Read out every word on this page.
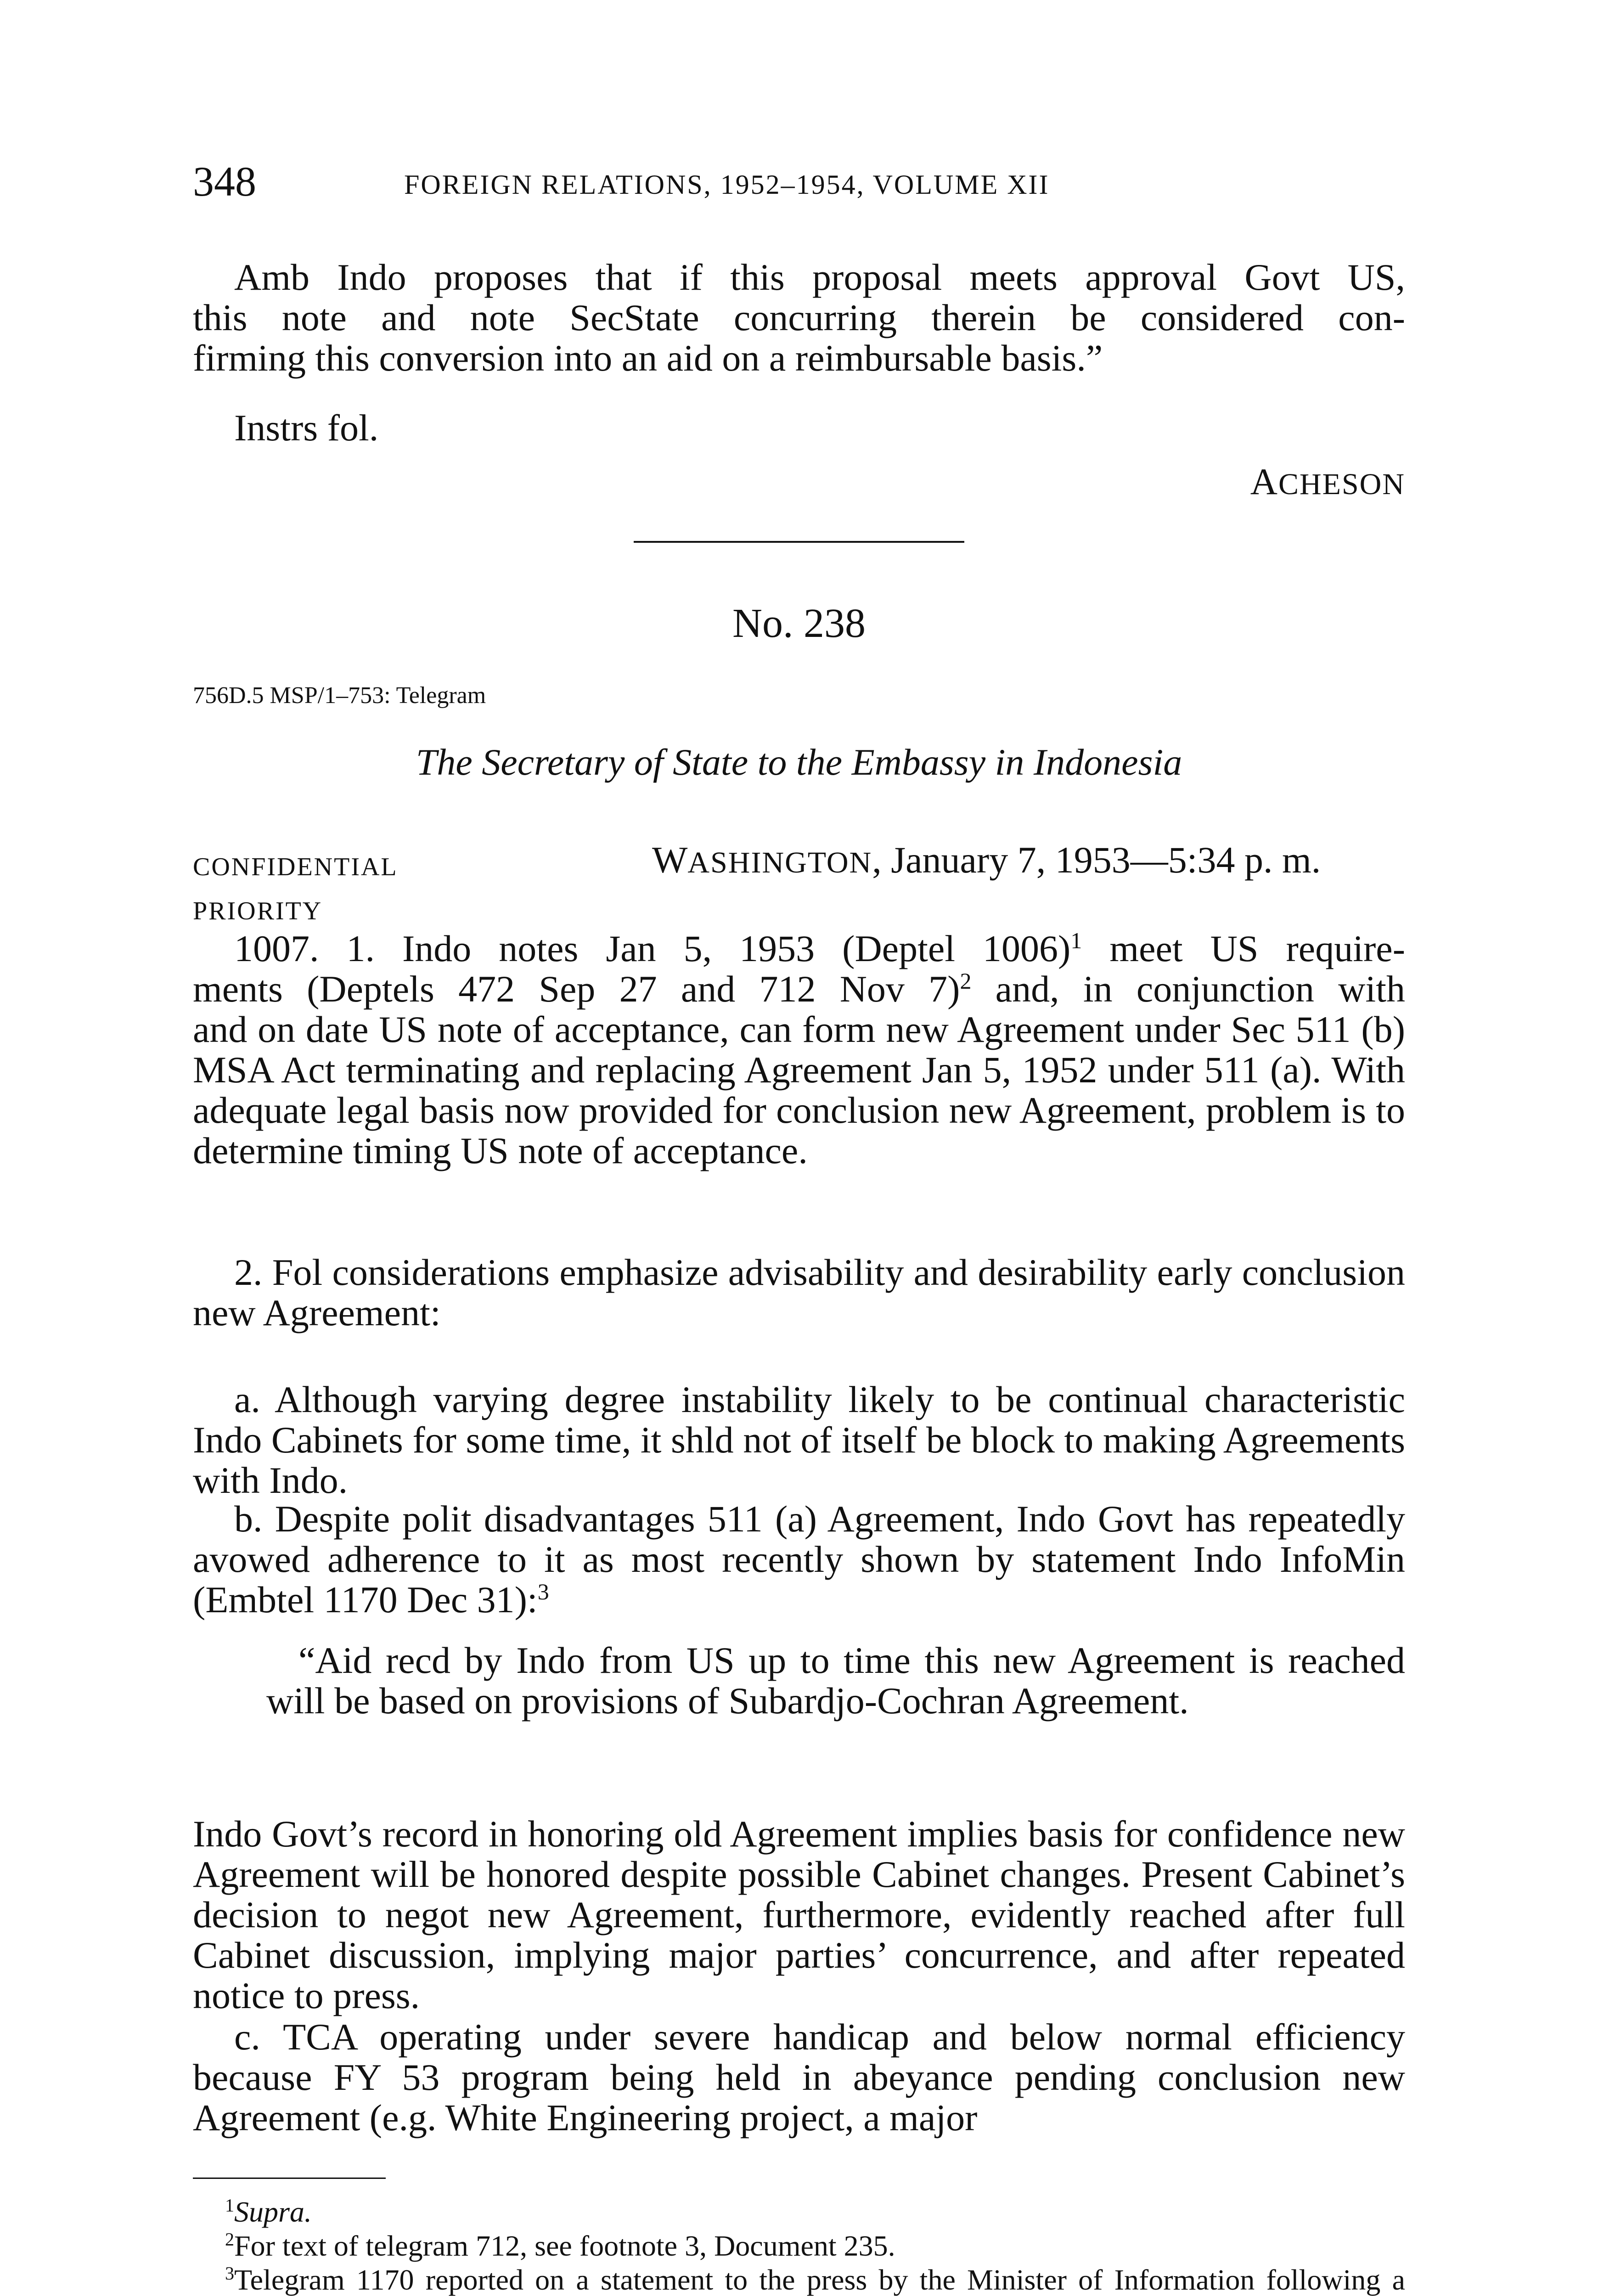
348	FOREIGN RELATIONS, 1952–1954, VOLUME XII

Amb Indo proposes that if this proposal meets approval Govt US,

this note and note SecState concurring therein be considered con-

firming this conversion into an aid on a reimbursable basis.”

Instrs fol.

ACHESON
No. 238
756D.5 MSP/1–753: Telegram
The Secretary of State to the Embassy in Indonesia
CONFIDENTIAL
PRIORITY
WASHINGTON, January 7, 1953—5:34 p. m.

1007. 1. Indo notes Jan 5, 1953 (Deptel 1006)$^1$ meet US require-

ments (Deptels 472 Sep 27 and 712 Nov 7)$^2$ and, in conjunction with

and on date US note of acceptance, can form new Agreement under Sec 511 (b) MSA Act terminating and replacing Agreement Jan 5, 1952 under 511 (a). With adequate legal basis now provided for conclusion new Agreement, problem is to determine timing US note of acceptance.

2. Fol considerations emphasize advisability and desirability early conclusion new Agreement:

a. Although varying degree instability likely to be continual characteristic Indo Cabinets for some time, it shld not of itself be block to making Agreements with Indo.

b. Despite polit disadvantages 511 (a) Agreement, Indo Govt has repeatedly avowed adherence to it as most recently shown by statement Indo InfoMin (Embtel 1170 Dec 31):$^3$

“Aid recd by Indo from US up to time this new Agreement is reached will be based on provisions of Subardjo-Cochran Agreement.

Indo Govt’s record in honoring old Agreement implies basis for confidence new Agreement will be honored despite possible Cabinet changes. Present Cabinet’s decision to negot new Agreement, furthermore, evidently reached after full Cabinet discussion, implying major parties’ concurrence, and after repeated notice to press.

c. TCA operating under severe handicap and below normal efficiency because FY 53 program being held in abeyance pending conclusion new Agreement (e.g. White Engineering project, a major

$^1$Supra.

$^2$For text of telegram 712, see footnote 3, Document 235.

$^3$Telegram 1170 reported on a statement to the press by the Minister of Information following a
